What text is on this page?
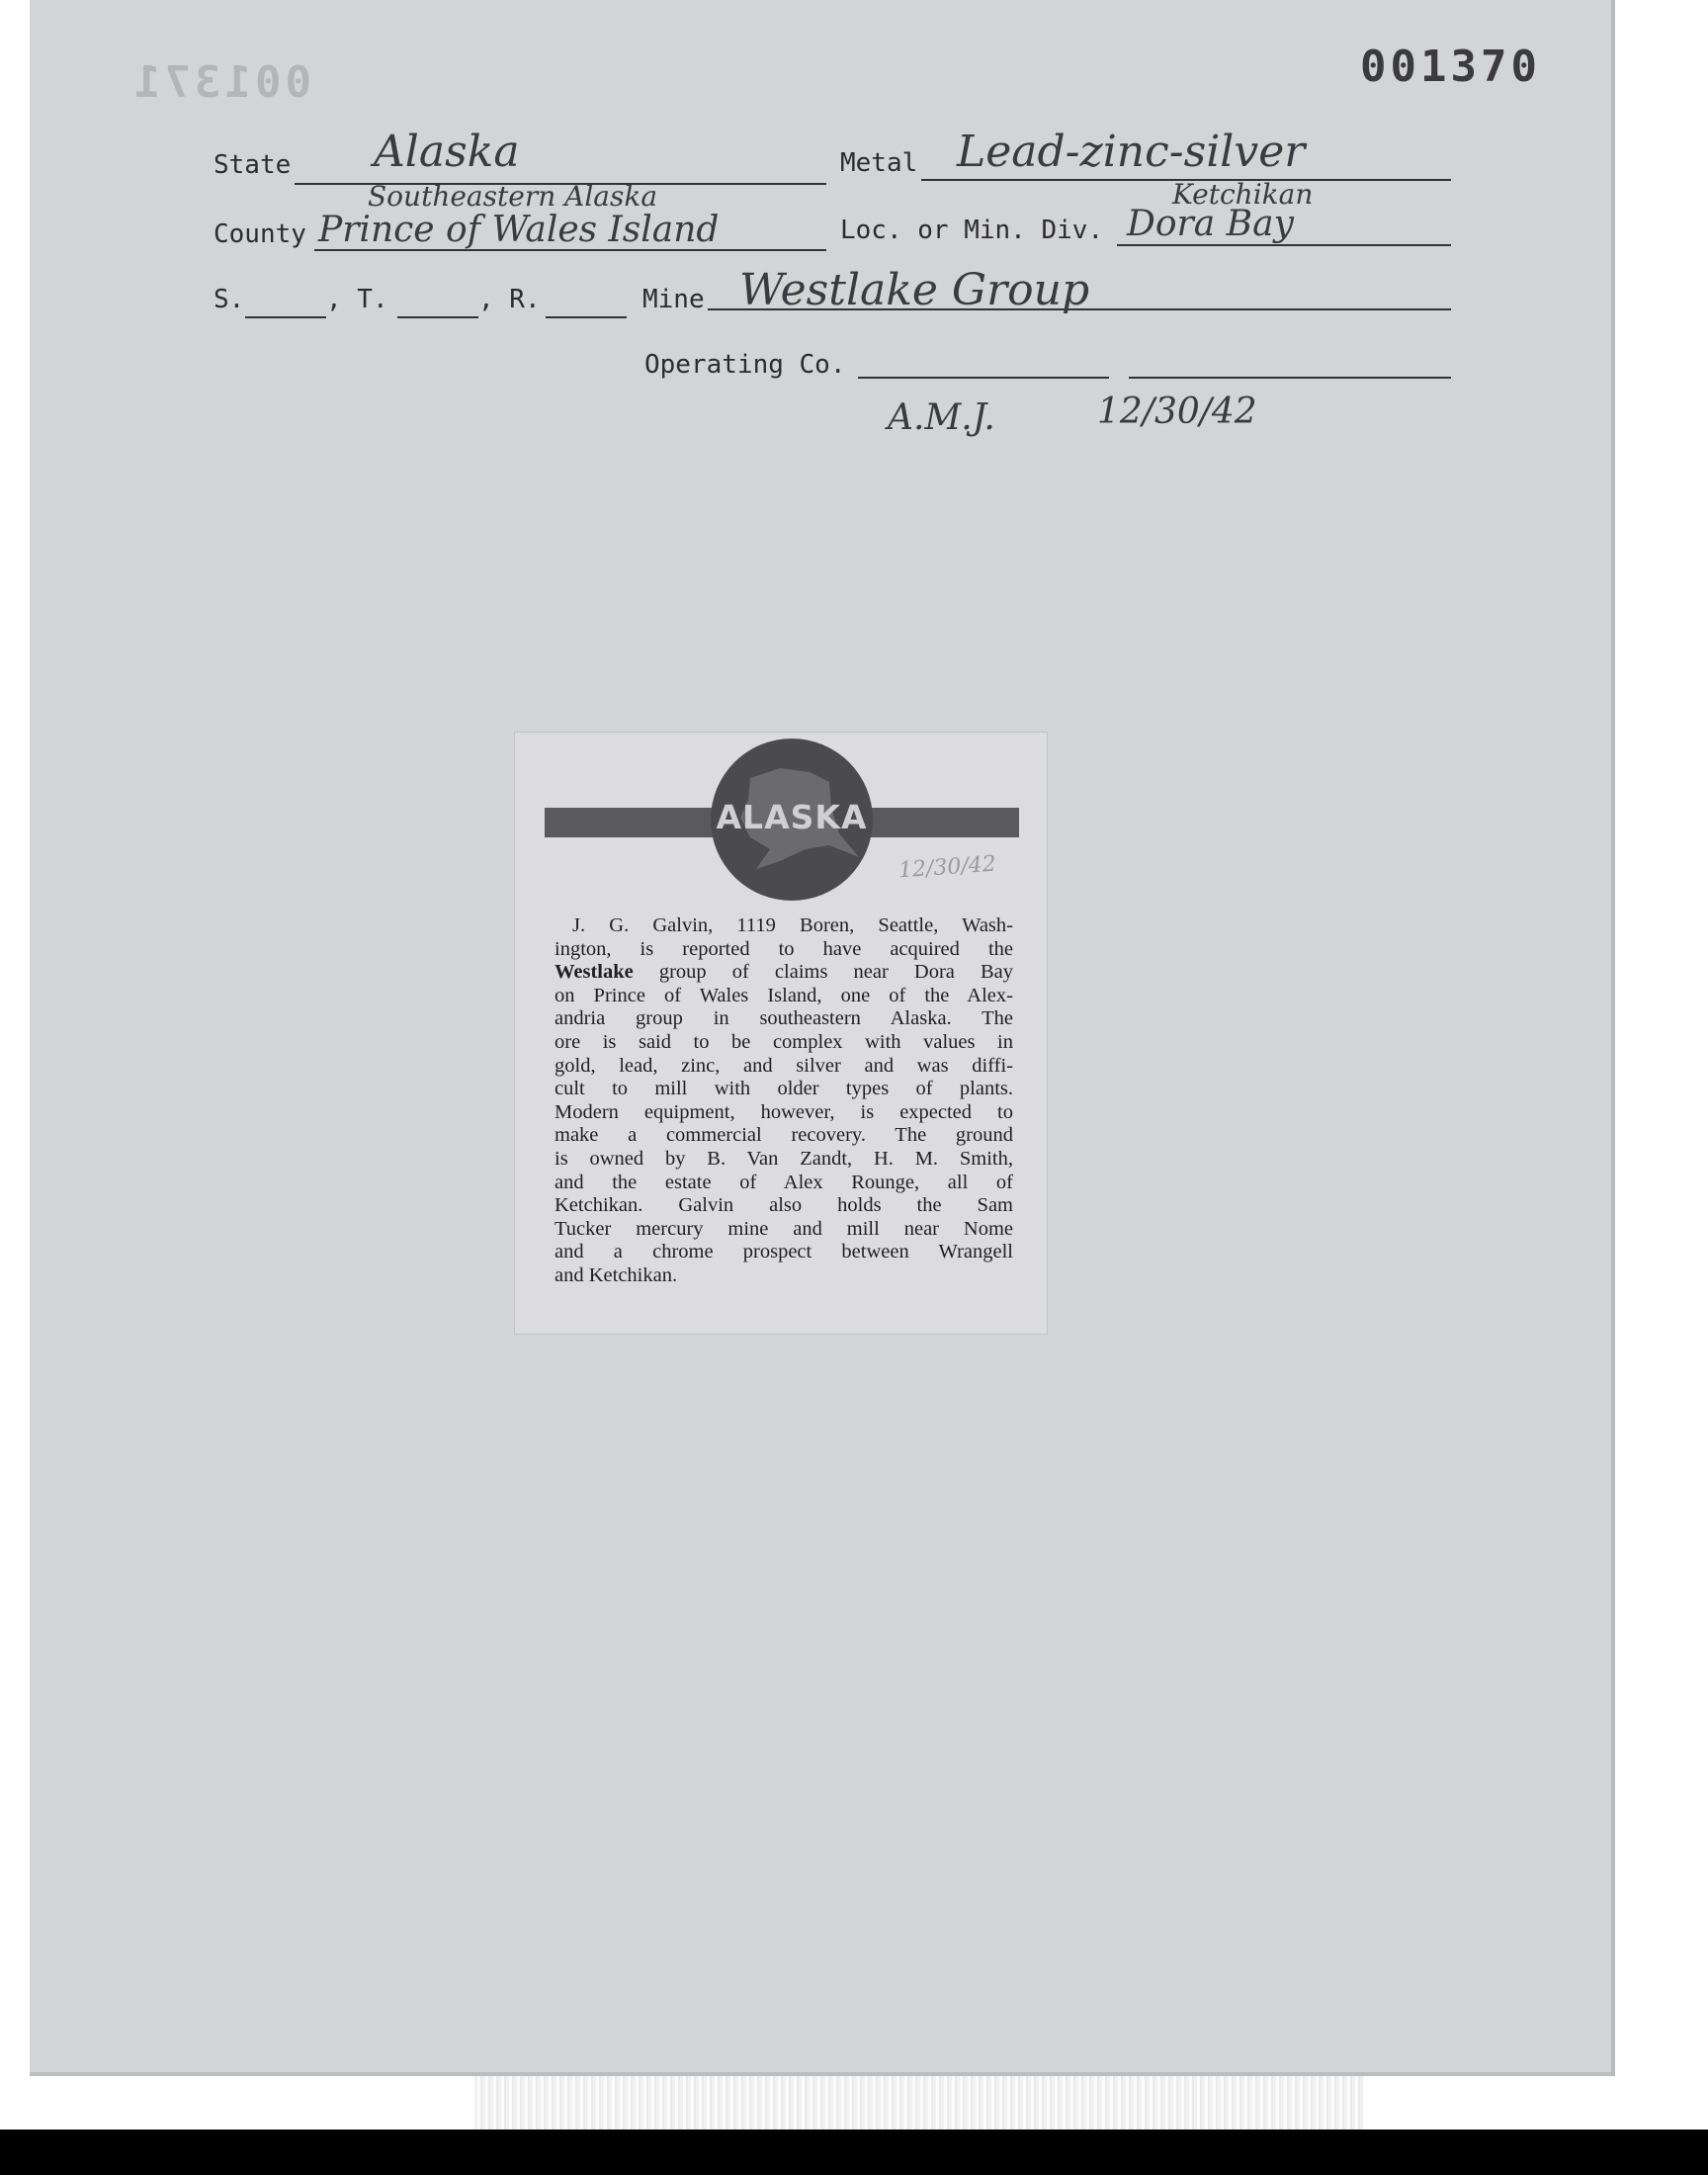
001371	001370
State Alaska	Metal Lead-zinc-silver
Southeastern Alaska
County Prince of Wales Island
Ketchikan
Loc. or Min. Div. Dora Bay
S.	, T.	, R.	Mine Westlake Group
Operating Co.
A.M.J.	12/30/42
ALASKA
12/30/42
J. G. Galvin, 1119 Boren, Seattle, Wash-
ington, is reported to have acquired the
Westlake group of claims near Dora Bay
on Prince of Wales Island, one of the Alex-
andria group in southeastern Alaska. The
ore is said to be complex with values in
gold, lead, zinc, and silver and was diffi-
cult to mill with older types of plants.
Modern equipment, however, is expected to
make a commercial recovery. The ground
is owned by B. Van Zandt, H. M. Smith,
and the estate of Alex Rounge, all of
Ketchikan. Galvin also holds the Sam
Tucker mercury mine and mill near Nome
and a chrome prospect between Wrangell
and Ketchikan.
